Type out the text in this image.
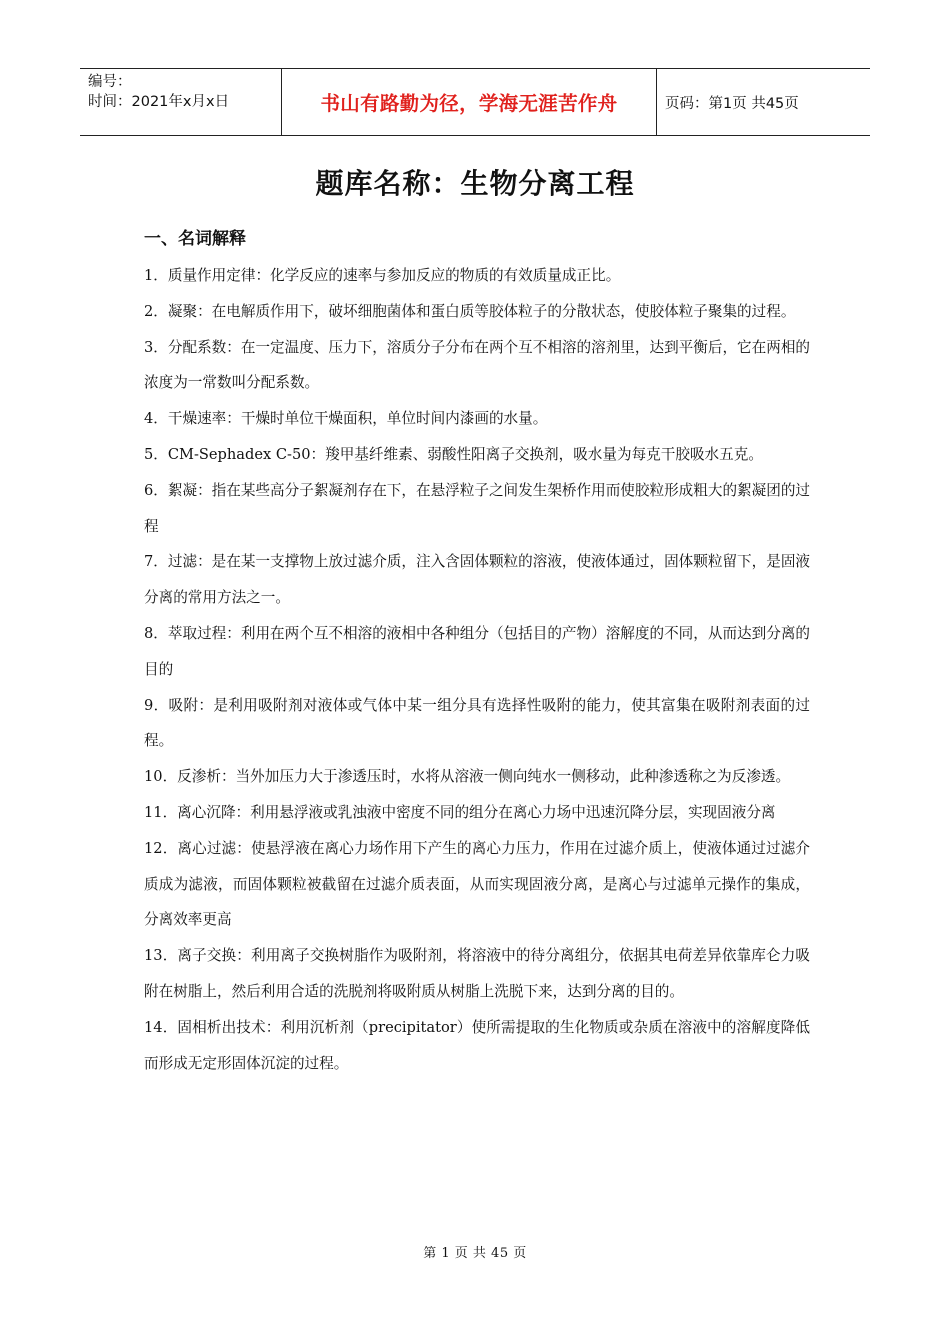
编号：
时间：2021年x月x日	书山有路勤为径，学海无涯苦作舟	页码：第1页 共45页
题库名称：生物分离工程
一、名词解释
1．质量作用定律：化学反应的速率与参加反应的物质的有效质量成正比。
2．凝聚：在电解质作用下，破坏细胞菌体和蛋白质等胶体粒子的分散状态，使胶体粒子聚集的过程。
3．分配系数：在一定温度、压力下，溶质分子分布在两个互不相溶的溶剂里，达到平衡后，它在两相的浓度为一常数叫分配系数。
4．干燥速率：干燥时单位干燥面积，单位时间内漆画的水量。
5．CM-Sephadex C-50：羧甲基纤维素、弱酸性阳离子交换剂，吸水量为每克干胶吸水五克。
6．絮凝：指在某些高分子絮凝剂存在下，在悬浮粒子之间发生架桥作用而使胶粒形成粗大的絮凝团的过程
7．过滤：是在某一支撑物上放过滤介质，注入含固体颗粒的溶液，使液体通过，固体颗粒留下，是固液分离的常用方法之一。
8．萃取过程：利用在两个互不相溶的液相中各种组分（包括目的产物）溶解度的不同，从而达到分离的目的
9．吸附：是利用吸附剂对液体或气体中某一组分具有选择性吸附的能力，使其富集在吸附剂表面的过程。
10．反渗析：当外加压力大于渗透压时，水将从溶液一侧向纯水一侧移动，此种渗透称之为反渗透。
11．离心沉降：利用悬浮液或乳浊液中密度不同的组分在离心力场中迅速沉降分层，实现固液分离
12．离心过滤：使悬浮液在离心力场作用下产生的离心力压力，作用在过滤介质上，使液体通过过滤介质成为滤液，而固体颗粒被截留在过滤介质表面，从而实现固液分离，是离心与过滤单元操作的集成，分离效率更高
13．离子交换：利用离子交换树脂作为吸附剂，将溶液中的待分离组分，依据其电荷差异依靠库仑力吸附在树脂上，然后利用合适的洗脱剂将吸附质从树脂上洗脱下来，达到分离的目的。
14．固相析出技术：利用沉析剂（precipitator）使所需提取的生化物质或杂质在溶液中的溶解度降低而形成无定形固体沉淀的过程。
第 1 页 共 45 页
